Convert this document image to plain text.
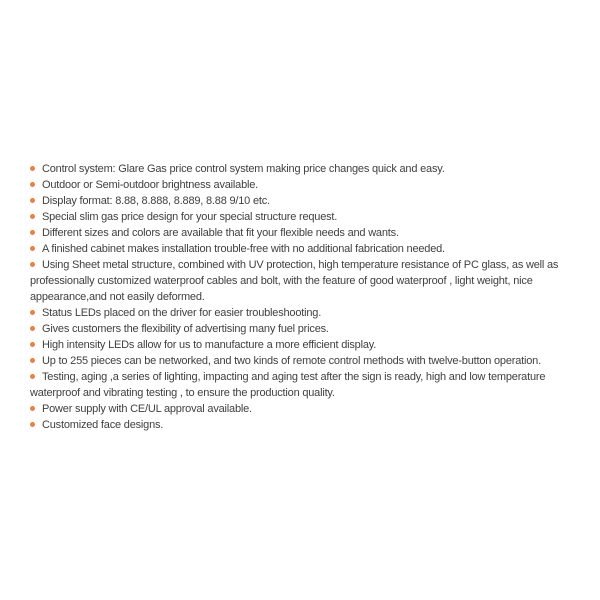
Control system: Glare Gas price control system making price changes quick and easy.

Outdoor or Semi-outdoor brightness available.

Display format: 8.88, 8.888, 8.889, 8.88 9/10 etc.

Special slim gas price design for your special structure request.

Different sizes and colors are available that fit your flexible needs and wants.

A finished cabinet makes installation trouble-free with no additional fabrication needed.

Using Sheet metal structure, combined with UV protection, high temperature resistance of PC glass, as well as professionally customized waterproof cables and bolt, with the feature of good waterproof , light weight, nice appearance,and not easily deformed.

Status LEDs placed on the driver for easier troubleshooting.

Gives customers the flexibility of advertising many fuel prices.

High intensity LEDs allow for us to manufacture a more efficient display.

Up to 255 pieces can be networked, and two kinds of remote control methods with twelve-button operation.

Testing, aging ,a series of lighting, impacting and aging test after the sign is ready, high and low temperature waterproof and vibrating testing , to ensure the production quality.

Power supply with CE/UL approval available.

Customized face designs.
